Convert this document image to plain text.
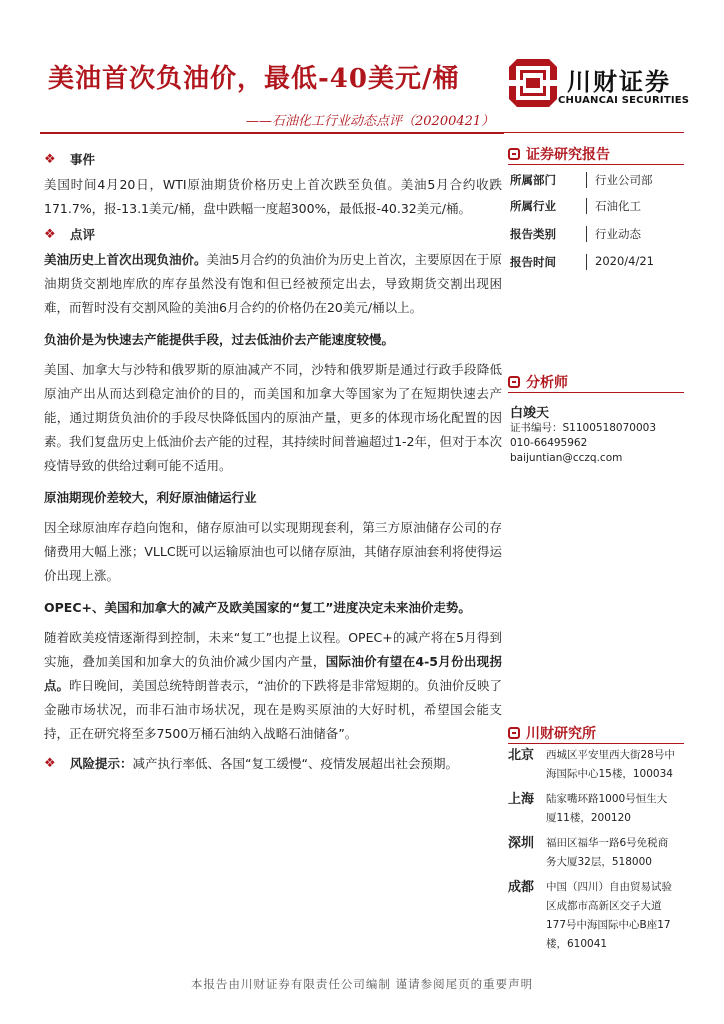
美油首次负油价，最低-40美元/桶
——石油化工行业动态点评（20200421）
川财证券
CHUANCAI SECURITIES
❖	事件

美国时间4月20日，WTI原油期货价格历史上首次跌至负值。美油5月合约收跌171.7%，报-13.1美元/桶，盘中跌幅一度超300%，最低报-40.32美元/桶。

❖	点评

美油历史上首次出现负油价。美油5月合约的负油价为历史上首次，主要原因在于原油期货交割地库欣的库存虽然没有饱和但已经被预定出去，导致期货交割出现困难，而暂时没有交割风险的美油6月合约的价格仍在20美元/桶以上。

负油价是为快速去产能提供手段，过去低油价去产能速度较慢。

美国、加拿大与沙特和俄罗斯的原油减产不同，沙特和俄罗斯是通过行政手段降低原油产出从而达到稳定油价的目的，而美国和加拿大等国家为了在短期快速去产能，通过期货负油价的手段尽快降低国内的原油产量，更多的体现市场化配置的因素。我们复盘历史上低油价去产能的过程，其持续时间普遍超过1-2年，但对于本次疫情导致的供给过剩可能不适用。

原油期现价差较大，利好原油储运行业

因全球原油库存趋向饱和，储存原油可以实现期现套利，第三方原油储存公司的存储费用大幅上涨；VLLC既可以运输原油也可以储存原油，其储存原油套利将使得运价出现上涨。

OPEC+、美国和加拿大的减产及欧美国家的“复工”进度决定未来油价走势。

随着欧美疫情逐渐得到控制，未来“复工”也提上议程。OPEC+的减产将在5月得到实施，叠加美国和加拿大的负油价减少国内产量，国际油价有望在4-5月份出现拐点。昨日晚间，美国总统特朗普表示，“油价的下跌将是非常短期的。负油价反映了金融市场状况，而非石油市场状况，现在是购买原油的大好时机，希望国会能支持，正在研究将至多7500万桶石油纳入战略石油储备”。

❖	风险提示： 减产执行率低、各国“复工缓慢“、疫情发展超出社会预期。
证券研究报告
所属部门	行业公司部
所属行业	石油化工
报告类别	行业动态
报告时间	2020/4/21
分析师
白竣天
证书编号：S1100518070003
010-66495962
baijuntian@cczq.com
川财研究所
北京	西城区平安里西大街28号中海国际中心15楼，100034
上海	陆家嘴环路1000号恒生大厦11楼，200120
深圳	福田区福华一路6号免税商务大厦32层，518000
成都	中国（四川）自由贸易试验区成都市高新区交子大道177号中海国际中心B座17楼，610041
本报告由川财证券有限责任公司编制 谨请参阅尾页的重要声明
